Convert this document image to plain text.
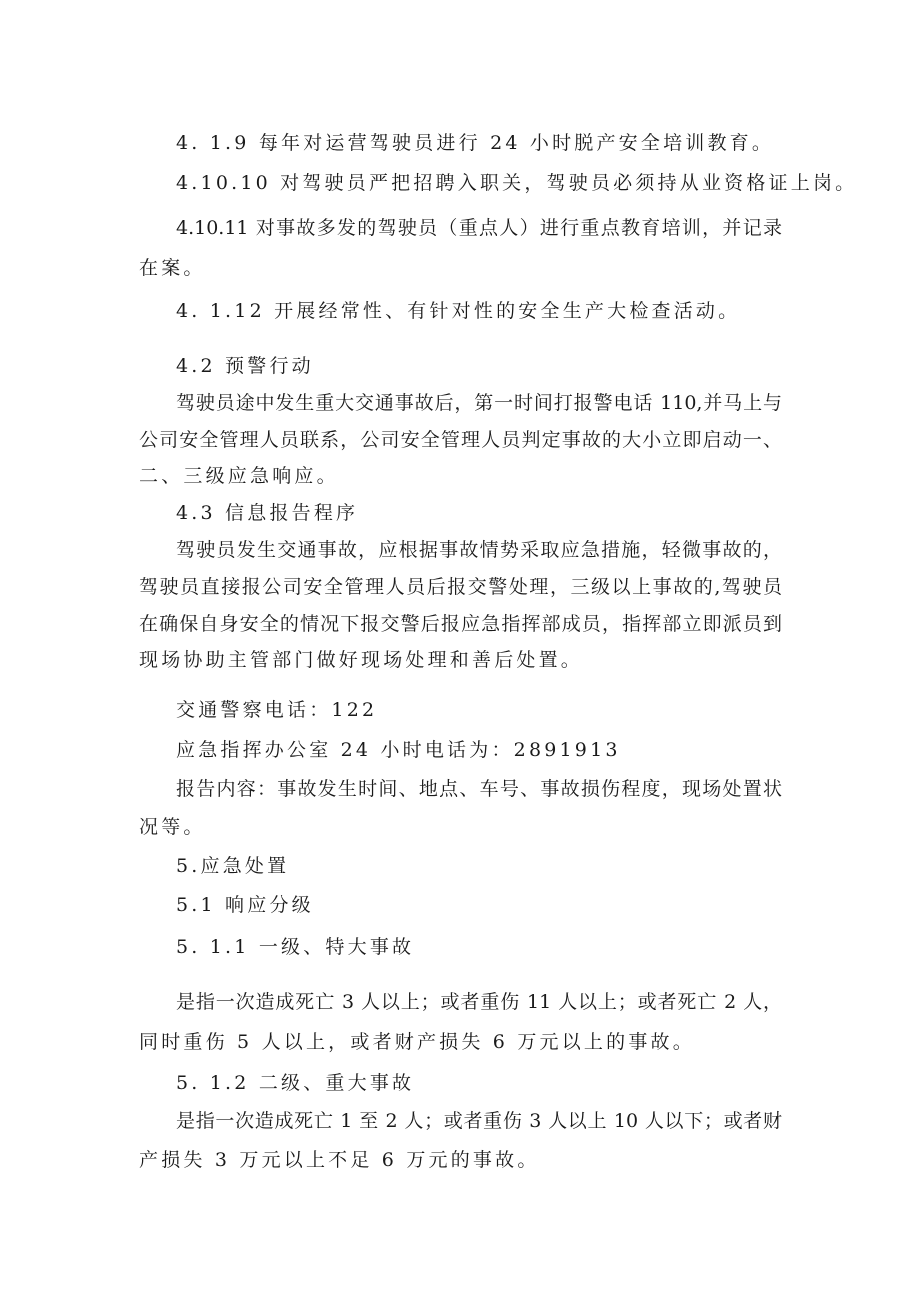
4. 1.9 每年对运营驾驶员进行 24 小时脱产安全培训教育。
4.10.10 对驾驶员严把招聘入职关，驾驶员必须持从业资格证上岗。
4.10.11 对事故多发的驾驶员（重点人）进行重点教育培训，并记录
在案。
4. 1.12 开展经常性、有针对性的安全生产大检查活动。
4.2 预警行动
驾驶员途中发生重大交通事故后，第一时间打报警电话 110,并马上与
公司安全管理人员联系，公司安全管理人员判定事故的大小立即启动一、
二、三级应急响应。
4.3 信息报告程序
驾驶员发生交通事故，应根据事故情势采取应急措施，轻微事故的，
驾驶员直接报公司安全管理人员后报交警处理，三级以上事故的,驾驶员
在确保自身安全的情况下报交警后报应急指挥部成员，指挥部立即派员到
现场协助主管部门做好现场处理和善后处置。
交通警察电话：122
应急指挥办公室 24 小时电话为：2891913
报告内容：事故发生时间、地点、车号、事故损伤程度，现场处置状
况等。
5.应急处置
5.1 响应分级
5. 1.1 一级、特大事故
是指一次造成死亡 3 人以上；或者重伤 11 人以上；或者死亡 2 人，
同时重伤 5 人以上，或者财产损失 6 万元以上的事故。
5. 1.2 二级、重大事故
是指一次造成死亡 1 至 2 人；或者重伤 3 人以上 10 人以下；或者财
产损失 3 万元以上不足 6 万元的事故。
